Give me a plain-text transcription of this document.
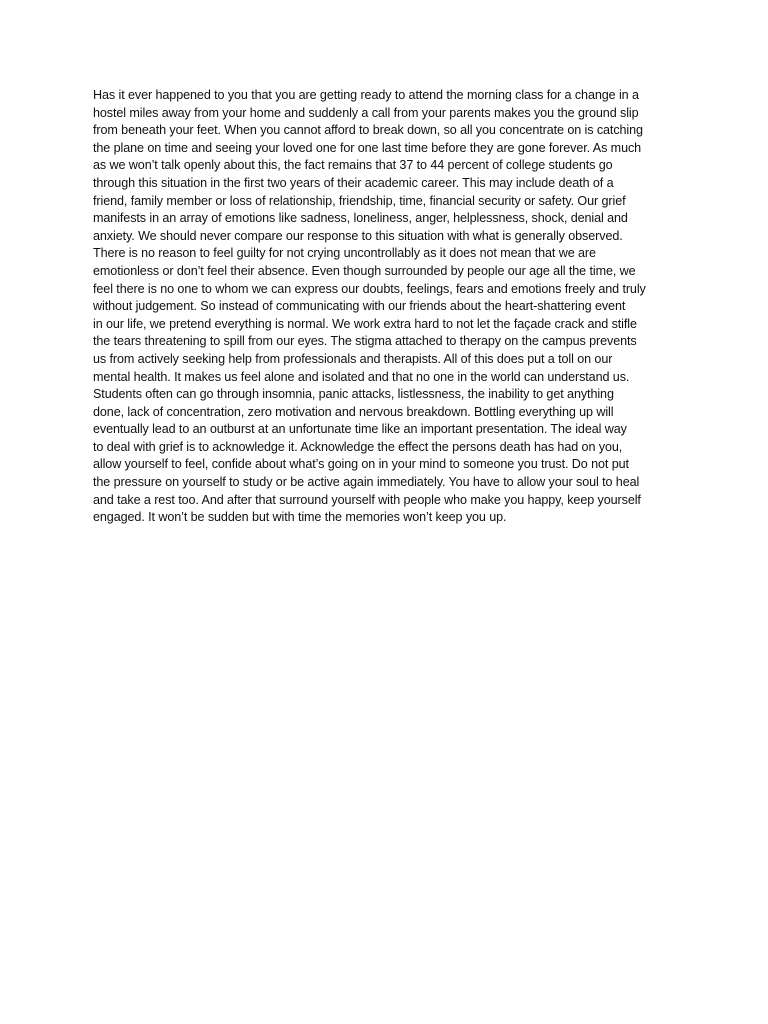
Has it ever happened to you that you are getting ready to attend the morning class for a change in a
hostel miles away from your home and suddenly a call from your parents makes you the ground slip
from beneath your feet. When you cannot afford to break down, so all you concentrate on is catching
the plane on time and seeing your loved one for one last time before they are gone forever. As much
as we won’t talk openly about this, the fact remains that 37 to 44 percent of college students go
through this situation in the first two years of their academic career. This may include death of a
friend, family member or loss of relationship, friendship, time, financial security or safety. Our grief
manifests in an array of emotions like sadness, loneliness, anger, helplessness, shock, denial and
anxiety. We should never compare our response to this situation with what is generally observed.
There is no reason to feel guilty for not crying uncontrollably as it does not mean that we are
emotionless or don’t feel their absence. Even though surrounded by people our age all the time, we
feel there is no one to whom we can express our doubts, feelings, fears and emotions freely and truly
without judgement. So instead of communicating with our friends about the heart-shattering event
in our life, we pretend everything is normal. We work extra hard to not let the façade crack and stifle
the tears threatening to spill from our eyes. The stigma attached to therapy on the campus prevents
us from actively seeking help from professionals and therapists. All of this does put a toll on our
mental health. It makes us feel alone and isolated and that no one in the world can understand us.
Students often can go through insomnia, panic attacks, listlessness, the inability to get anything
done, lack of concentration, zero motivation and nervous breakdown. Bottling everything up will
eventually lead to an outburst at an unfortunate time like an important presentation. The ideal way
to deal with grief is to acknowledge it. Acknowledge the effect the persons death has had on you,
allow yourself to feel, confide about what’s going on in your mind to someone you trust. Do not put
the pressure on yourself to study or be active again immediately. You have to allow your soul to heal
and take a rest too. And after that surround yourself with people who make you happy, keep yourself
engaged. It won’t be sudden but with time the memories won’t keep you up.
